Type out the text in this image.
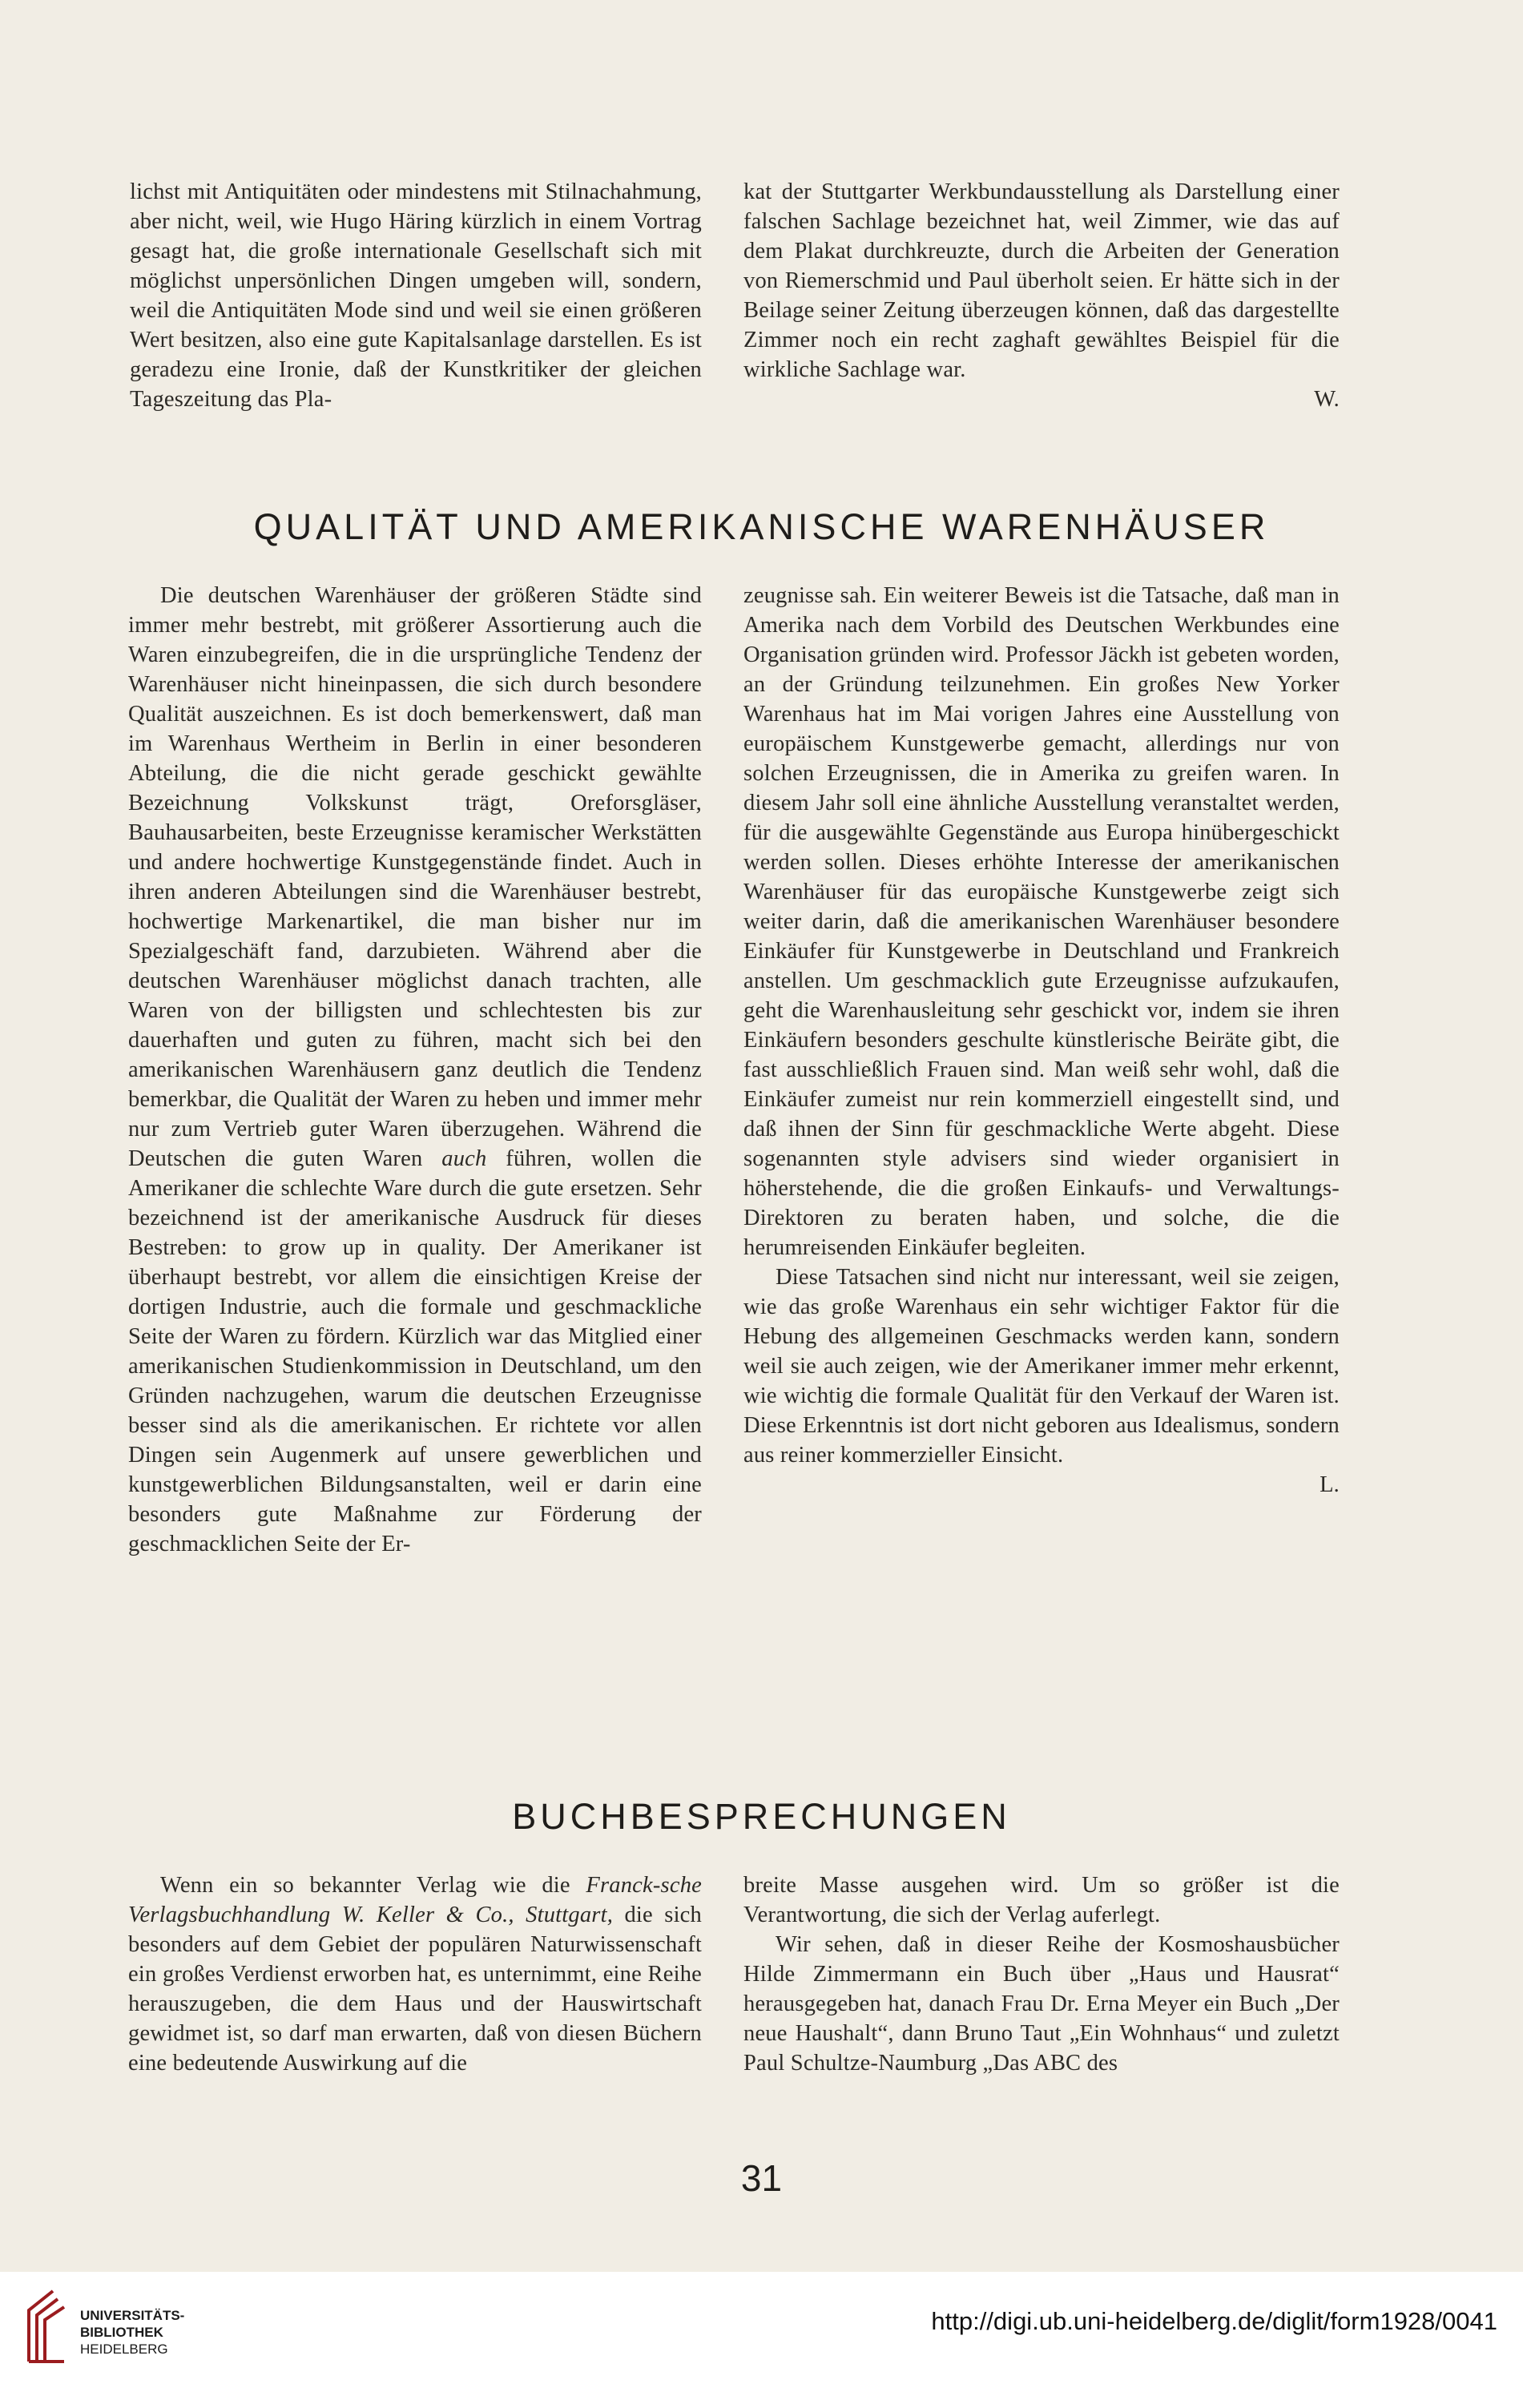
lichst mit Antiquitäten oder mindestens mit Stilnachahmung, aber nicht, weil, wie Hugo Häring kürzlich in einem Vortrag gesagt hat, die große internationale Gesellschaft sich mit möglichst unpersönlichen Dingen umgeben will, sondern, weil die Antiquitäten Mode sind und weil sie einen größeren Wert besitzen, also eine gute Kapitalsanlage darstellen. Es ist geradezu eine Ironie, daß der Kunstkritiker der gleichen Tageszeitung das Pla-

kat der Stuttgarter Werkbundausstellung als Darstellung einer falschen Sachlage bezeichnet hat, weil Zimmer, wie das auf dem Plakat durchkreuzte, durch die Arbeiten der Generation von Riemerschmid und Paul überholt seien. Er hätte sich in der Beilage seiner Zeitung überzeugen können, daß das dargestellte Zimmer noch ein recht zaghaft gewähltes Beispiel für die wirkliche Sachlage war.

W.

QUALITÄT UND AMERIKANISCHE WARENHÄUSER

Die deutschen Warenhäuser der größeren Städte sind immer mehr bestrebt, mit größerer Assortierung auch die Waren einzubegreifen, die in die ursprüngliche Tendenz der Warenhäuser nicht hineinpassen, die sich durch besondere Qualität auszeichnen. Es ist doch bemerkenswert, daß man im Warenhaus Wertheim in Berlin in einer besonderen Abteilung, die die nicht gerade geschickt gewählte Bezeichnung Volkskunst trägt, Oreforsgläser, Bauhausarbeiten, beste Erzeugnisse keramischer Werkstätten und andere hochwertige Kunstgegenstände findet. Auch in ihren anderen Abteilungen sind die Warenhäuser bestrebt, hochwertige Markenartikel, die man bisher nur im Spezialgeschäft fand, darzubieten. Während aber die deutschen Warenhäuser möglichst danach trachten, alle Waren von der billigsten und schlechtesten bis zur dauerhaften und guten zu führen, macht sich bei den amerikanischen Warenhäusern ganz deutlich die Tendenz bemerkbar, die Qualität der Waren zu heben und immer mehr nur zum Vertrieb guter Waren überzugehen. Während die Deutschen die guten Waren auch führen, wollen die Amerikaner die schlechte Ware durch die gute ersetzen. Sehr bezeichnend ist der amerikanische Ausdruck für dieses Bestreben: to grow up in quality. Der Amerikaner ist überhaupt bestrebt, vor allem die einsichtigen Kreise der dortigen Industrie, auch die formale und geschmackliche Seite der Waren zu fördern. Kürzlich war das Mitglied einer amerikanischen Studienkommission in Deutschland, um den Gründen nachzugehen, warum die deutschen Erzeugnisse besser sind als die amerikanischen. Er richtete vor allen Dingen sein Augenmerk auf unsere gewerblichen und kunstgewerblichen Bildungsanstalten, weil er darin eine besonders gute Maßnahme zur Förderung der geschmacklichen Seite der Er-

zeugnisse sah. Ein weiterer Beweis ist die Tatsache, daß man in Amerika nach dem Vorbild des Deutschen Werkbundes eine Organisation gründen wird. Professor Jäckh ist gebeten worden, an der Gründung teilzunehmen. Ein großes New Yorker Warenhaus hat im Mai vorigen Jahres eine Ausstellung von europäischem Kunstgewerbe gemacht, allerdings nur von solchen Erzeugnissen, die in Amerika zu greifen waren. In diesem Jahr soll eine ähnliche Ausstellung veranstaltet werden, für die ausgewählte Gegenstände aus Europa hinübergeschickt werden sollen. Dieses erhöhte Interesse der amerikanischen Warenhäuser für das europäische Kunstgewerbe zeigt sich weiter darin, daß die amerikanischen Warenhäuser besondere Einkäufer für Kunstgewerbe in Deutschland und Frankreich anstellen. Um geschmacklich gute Erzeugnisse aufzukaufen, geht die Warenhausleitung sehr geschickt vor, indem sie ihren Einkäufern besonders geschulte künstlerische Beiräte gibt, die fast ausschließlich Frauen sind. Man weiß sehr wohl, daß die Einkäufer zumeist nur rein kommerziell eingestellt sind, und daß ihnen der Sinn für geschmackliche Werte abgeht. Diese sogenannten style advisers sind wieder organisiert in höherstehende, die die großen Einkaufs- und Verwaltungs-Direktoren zu beraten haben, und solche, die die herumreisenden Einkäufer begleiten.

Diese Tatsachen sind nicht nur interessant, weil sie zeigen, wie das große Warenhaus ein sehr wichtiger Faktor für die Hebung des allgemeinen Geschmacks werden kann, sondern weil sie auch zeigen, wie der Amerikaner immer mehr erkennt, wie wichtig die formale Qualität für den Verkauf der Waren ist. Diese Erkenntnis ist dort nicht geboren aus Idealismus, sondern aus reiner kommerzieller Einsicht.

L.

BUCHBESPRECHUNGEN

Wenn ein so bekannter Verlag wie die Franck-sche Verlagsbuchhandlung W. Keller & Co., Stuttgart, die sich besonders auf dem Gebiet der populären Naturwissenschaft ein großes Verdienst erworben hat, es unternimmt, eine Reihe herauszugeben, die dem Haus und der Hauswirtschaft gewidmet ist, so darf man erwarten, daß von diesen Büchern eine bedeutende Auswirkung auf die

breite Masse ausgehen wird. Um so größer ist die Verantwortung, die sich der Verlag auferlegt.

Wir sehen, daß in dieser Reihe der Kosmoshausbücher Hilde Zimmermann ein Buch über „Haus und Hausrat“ herausgegeben hat, danach Frau Dr. Erna Meyer ein Buch „Der neue Haushalt“, dann Bruno Taut „Ein Wohnhaus“ und zuletzt Paul Schultze-Naumburg „Das ABC des

31
UNIVERSITÄTS-
BIBLIOTHEK
HEIDELBERG
http://digi.ub.uni-heidelberg.de/diglit/form1928/0041
